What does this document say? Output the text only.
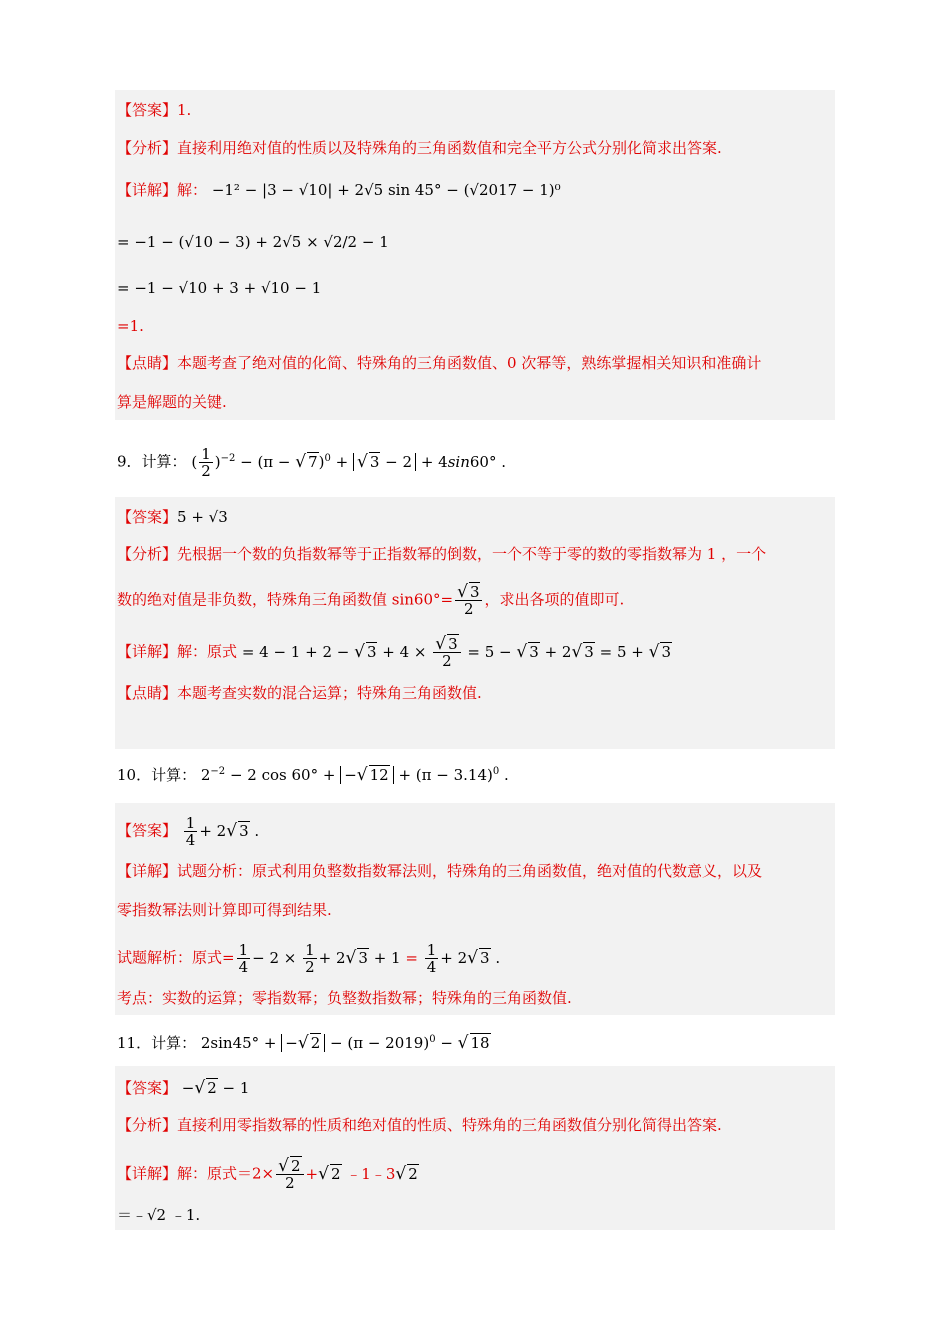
【答案】1.
【分析】直接利用绝对值的性质以及特殊角的三角函数值和完全平方公式分别化简求出答案.
【详解】解： −1² − |3 − √10| + 2√5 sin 45° − (√2017 − 1)⁰
= −1 − (√10 − 3) + 2√5 × √2/2 − 1
= −1 − √10 + 3 + √10 − 1
=1.
【点睛】本题考查了绝对值的化简、特殊角的三角函数值、0 次幂等，熟练掌握相关知识和准确计
算是解题的关键.
9．计算： ( $\frac{1}{2} )^{-2} - (\pi$ − √ 7)$^0$ + √ 3 − 2 + 4sin60° .
【答案】5 + √3
【分析】先根据一个数的负指数幂等于正指数幂的倒数，一个不等于零的数的零指数幂为 1 ，一个
数的绝对值是非负数，特殊角三角函数值 $\sin 60^\circ= \frac{√ 3}{2}$ ，求出各项的值即可.
【详解】解：原式 = 4 − 1 + 2 − √ $3 + 4 \times \frac{√ 3}{2} = 5$ − √ 3 + 2√ 3 = 5 + √ 3
【点睛】本题考查实数的混合运算；特殊角三角函数值.
10．计算： $2^{-2} - 2$ cos 60° + −√ $12 + (\pi - 3.14)^0$ .
【答案】 $\frac{1}{4} + 2√$ 3 .
【详解】试题分析：原式利用负整数指数幂法则，特殊角的三角函数值，绝对值的代数意义，以及
零指数幂法则计算即可得到结果.
试题解析：原式= $\frac{1}{4} - 2 \times \frac{1}{2} + 2√$ $3 + 1 = \frac{1}{4} + 2√$ 3 .
考点：实数的运算；零指数幂；负整数指数幂；特殊角的三角函数值.
11．计算： 2sin45° + −√ $2 - (\pi - 2019)^0$ − √ 18
【答案】 −√ 2 − 1
【分析】直接利用零指数幂的性质和绝对值的性质、特殊角的三角函数值分别化简得出答案.
【详解】解：原式$=2\times \frac{√ 2}{2}$ +√ 2 ﹣1﹣3√ 2
＝﹣√2 ﹣1.
